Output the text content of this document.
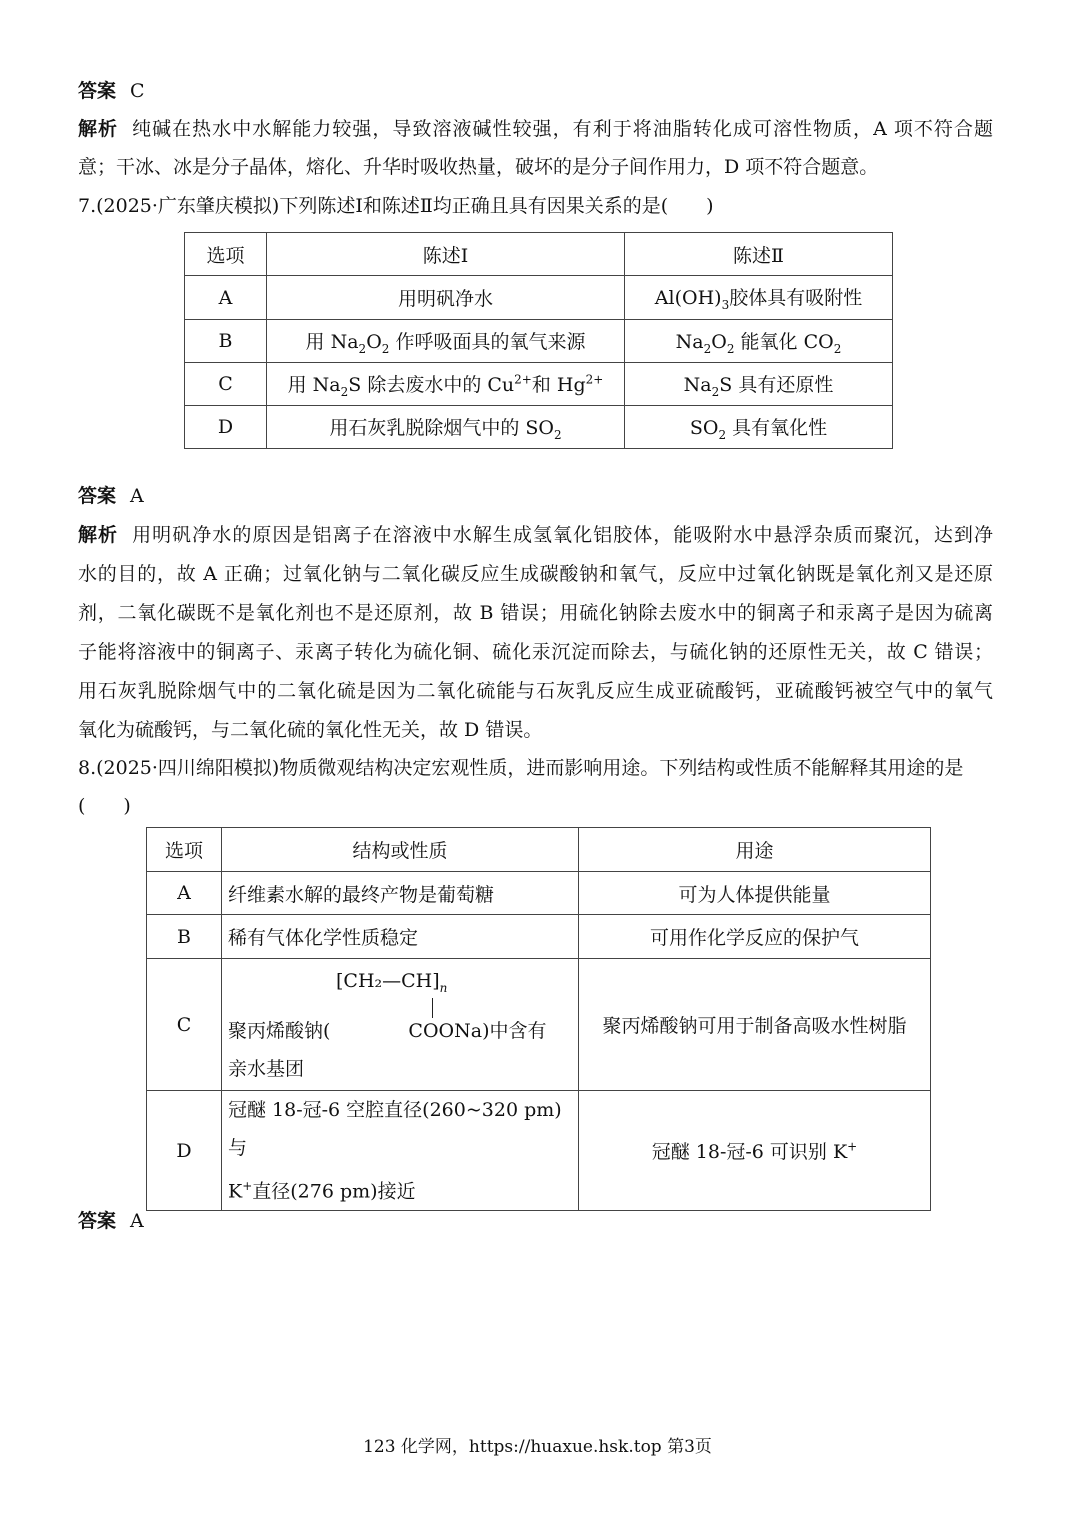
答案 C
解析 纯碱在热水中水解能力较强，导致溶液碱性较强，有利于将油脂转化成可溶性物质，A 项不符合题
意；干冰、冰是分子晶体，熔化、升华时吸收热量，破坏的是分子间作用力，D 项不符合题意。
7.(2025·广东肇庆模拟)下列陈述Ⅰ和陈述Ⅱ均正确且具有因果关系的是(　　)
选项	陈述Ⅰ	陈述Ⅱ
A	用明矾净水	$Al(OH)_3$胶体具有吸附性
B	用 $Na_2O_2$ 作呼吸面具的氧气来源	$Na_2O_2$ 能氧化 $CO_2$
C	用 $Na_2S$ 除去废水中的 $Cu^{2+}$和 $Hg^{2+}$	$Na_2S$ 具有还原性
D	用石灰乳脱除烟气中的 $SO_2$	$SO_2$ 具有氧化性
答案 A
解析 用明矾净水的原因是铝离子在溶液中水解生成氢氧化铝胶体，能吸附水中悬浮杂质而聚沉，达到净
水的目的，故 A 正确；过氧化钠与二氧化碳反应生成碳酸钠和氧气，反应中过氧化钠既是氧化剂又是还原
剂，二氧化碳既不是氧化剂也不是还原剂，故 B 错误；用硫化钠除去废水中的铜离子和汞离子是因为硫离
子能将溶液中的铜离子、汞离子转化为硫化铜、硫化汞沉淀而除去，与硫化钠的还原性无关，故 C 错误；
用石灰乳脱除烟气中的二氧化硫是因为二氧化硫能与石灰乳反应生成亚硫酸钙，亚硫酸钙被空气中的氧气
氧化为硫酸钙，与二氧化硫的氧化性无关，故 D 错误。
8.(2025·四川绵阳模拟)物质微观结构决定宏观性质，进而影响用途。下列结构或性质不能解释其用途的是
(　　)
选项	结构或性质	用途
A	纤维素水解的最终产物是葡萄糖	可为人体提供能量
B	稀有气体化学性质稳定	可用作化学反应的保护气
C	$[CH_2—CH]_n$
聚丙烯酸钠( COONa)中含有
亲水基团	聚丙烯酸钠可用于制备高吸水性树脂
D	冠醚 18-冠-6 空腔直径(260~320 pm)与
K+直径(276 pm)接近	冠醚 18-冠-6 可识别 K+
答案 A
123 化学网，https://huaxue.hsk.top 第3页
